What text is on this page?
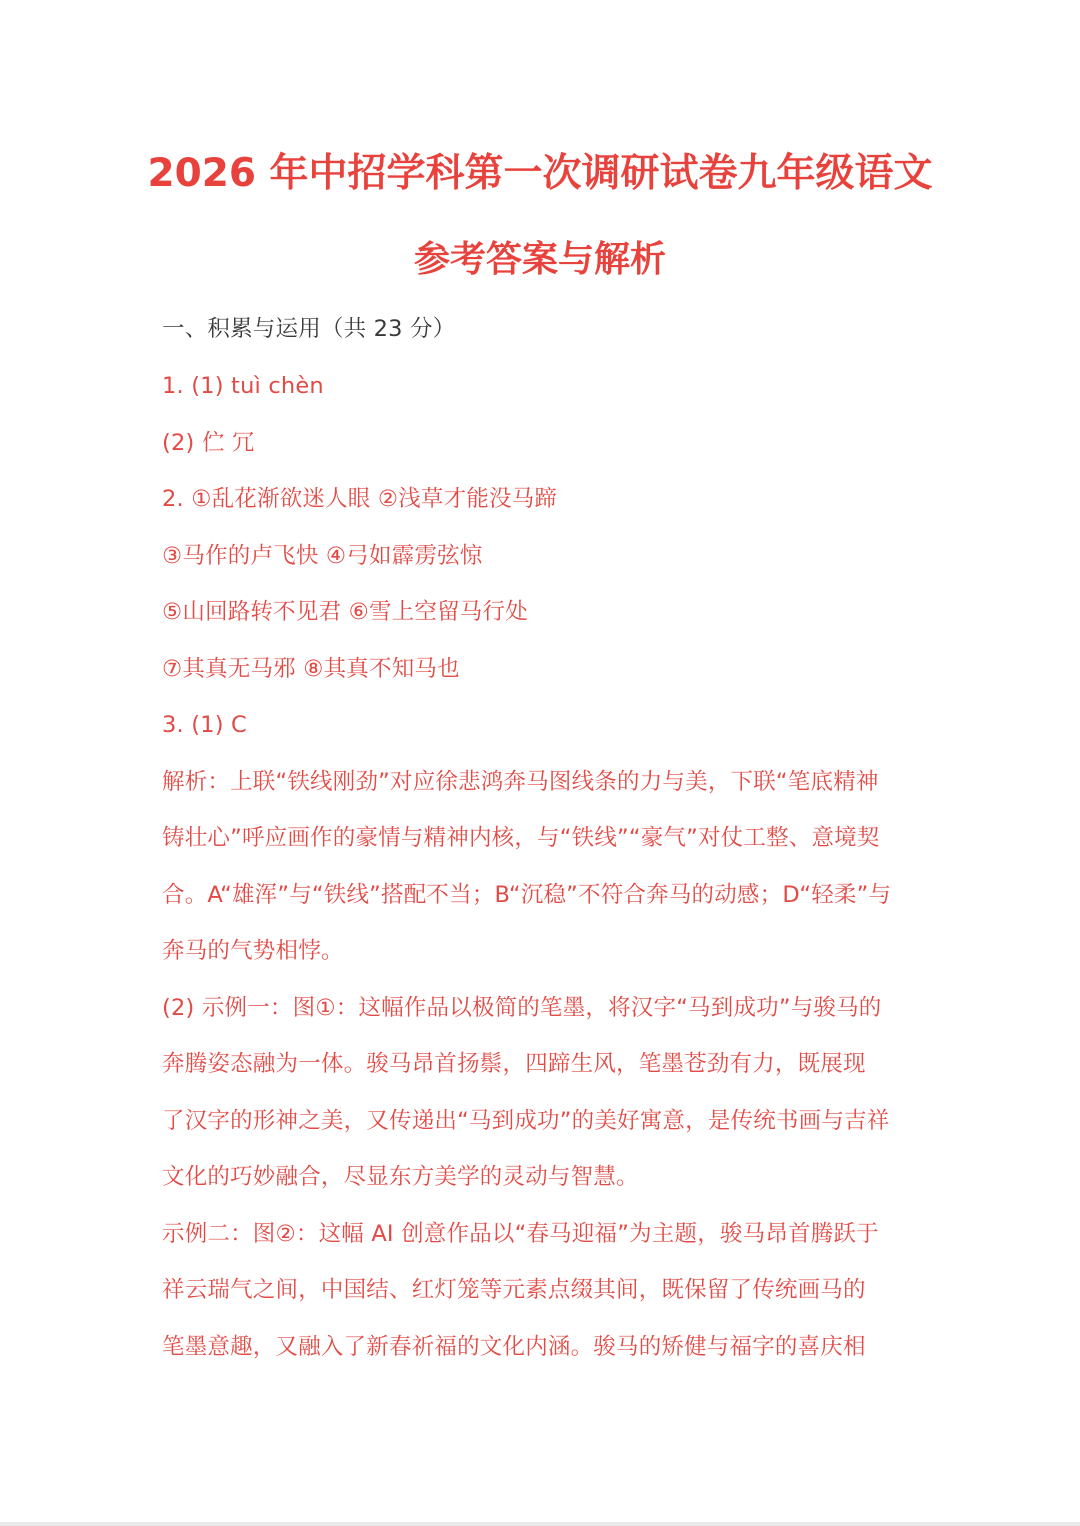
2026 年中招学科第一次调研试卷九年级语文
参考答案与解析
一、积累与运用（共 23 分）
1. (1) tuì chèn
(2) 伫 冗
2. ①乱花渐欲迷人眼 ②浅草才能没马蹄
③马作的卢飞快 ④弓如霹雳弦惊
⑤山回路转不见君 ⑥雪上空留马行处
⑦其真无马邪 ⑧其真不知马也
3. (1) C
解析：上联“铁线刚劲”对应徐悲鸿奔马图线条的力与美，下联“笔底精神
铸壮心”呼应画作的豪情与精神内核，与“铁线”“豪气”对仗工整、意境契
合。A“雄浑”与“铁线”搭配不当；B“沉稳”不符合奔马的动感；D“轻柔”与
奔马的气势相悖。
(2) 示例一：图①：这幅作品以极简的笔墨，将汉字“马到成功”与骏马的
奔腾姿态融为一体。骏马昂首扬鬃，四蹄生风，笔墨苍劲有力，既展现
了汉字的形神之美，又传递出“马到成功”的美好寓意，是传统书画与吉祥
文化的巧妙融合，尽显东方美学的灵动与智慧。
示例二：图②：这幅 AI 创意作品以“春马迎福”为主题，骏马昂首腾跃于
祥云瑞气之间，中国结、红灯笼等元素点缀其间，既保留了传统画马的
笔墨意趣，又融入了新春祈福的文化内涵。骏马的矫健与福字的喜庆相
